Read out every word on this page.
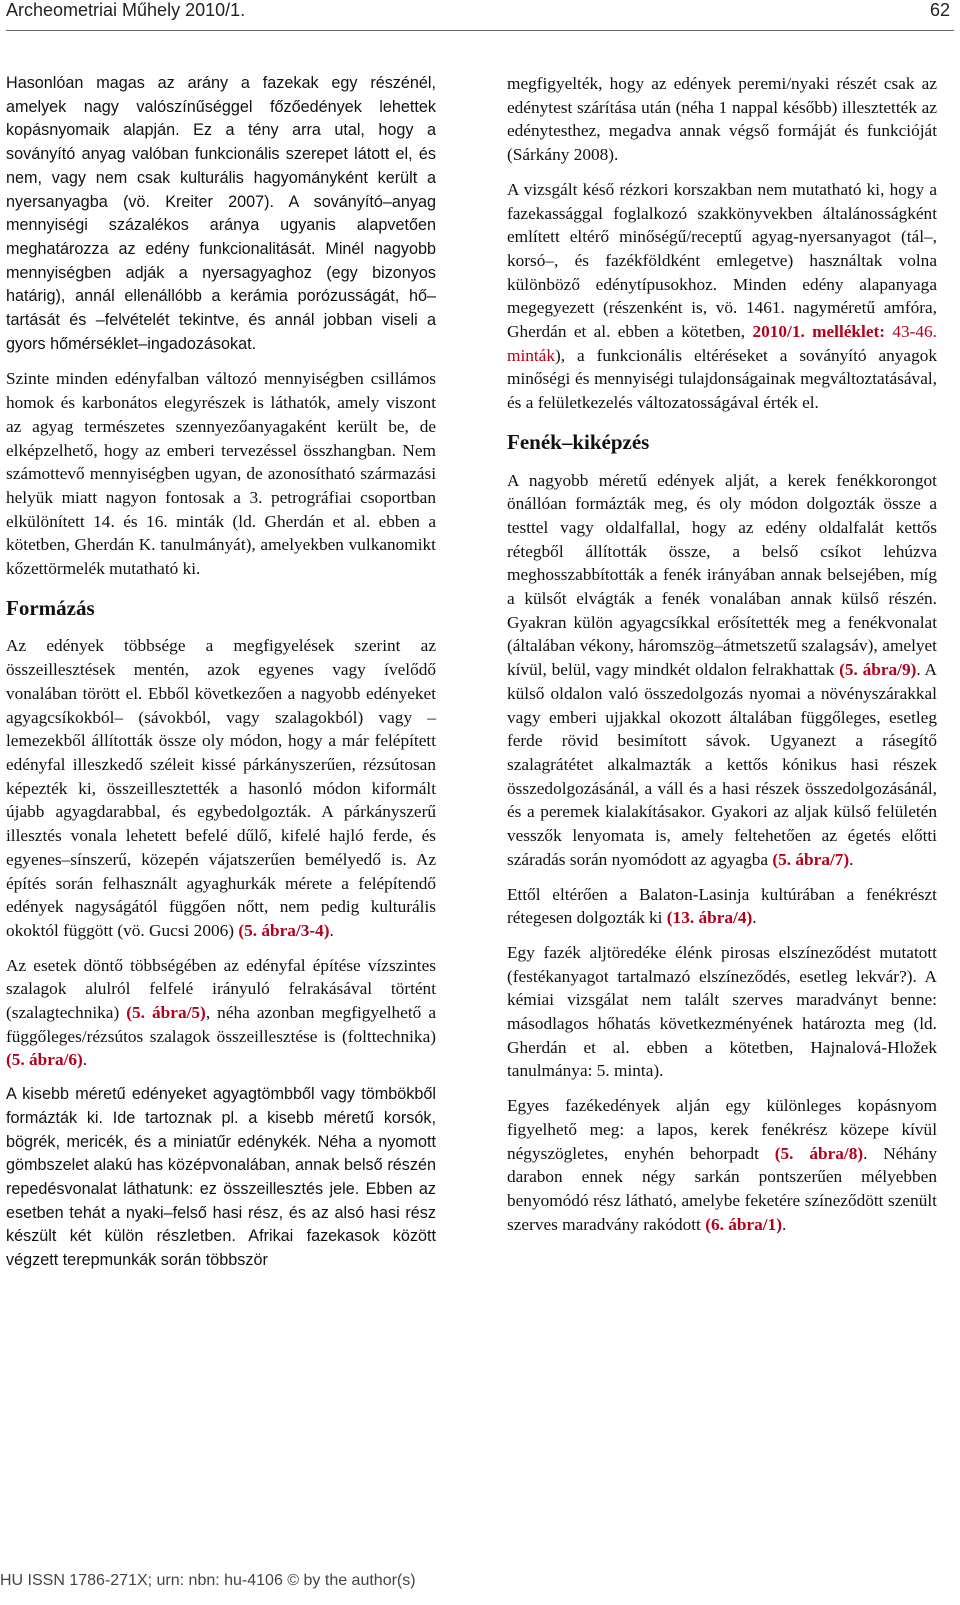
Archeometriai Műhely 2010/1.	62

Hasonlóan magas az arány a fazekak egy részénél, amelyek nagy valószínűséggel főzőedények lehettek kopásnyomaik alapján. Ez a tény arra utal, hogy a soványító anyag valóban funkcionális szerepet látott el, és nem, vagy nem csak kulturális hagyományként került a nyersanyagba (vö. Kreiter 2007). A soványító–anyag mennyiségi százalékos aránya ugyanis alapvetően meghatározza az edény funkcionalitását. Minél nagyobb mennyiségben adják a nyersagyaghoz (egy bizonyos határig), annál ellenállóbb a kerámia porózusságát, hő–tartását és –felvételét tekintve, és annál jobban viseli a gyors hőmérséklet–ingadozásokat.

Szinte minden edényfalban változó mennyiségben csillámos homok és karbonátos elegyrészek is láthatók, amely viszont az agyag természetes szennyezőanyagaként került be, de elképzelhető, hogy az emberi tervezéssel összhangban. Nem számottevő mennyiségben ugyan, de azonosítható származási helyük miatt nagyon fontosak a 3. petrográfiai csoportban elkülönített 14. és 16. minták (ld. Gherdán et al. ebben a kötetben, Gherdán K. tanulmányát), amelyekben vulkanomikt kőzettörmelék mutatható ki.

Formázás

Az edények többsége a megfigyelések szerint az összeillesztések mentén, azok egyenes vagy ívelődő vonalában törött el. Ebből következően a nagyobb edényeket agyagcsíkokból– (sávokból, vagy szalagokból) vagy –lemezekből állították össze oly módon, hogy a már felépített edényfal illeszkedő széleit kissé párkányszerűen, rézsútosan képezték ki, összeillesztették a hasonló módon kiformált újabb agyagdarabbal, és egybedolgozták. A párkányszerű illesztés vonala lehetett befelé dűlő, kifelé hajló ferde, és egyenes–sínszerű, közepén vájatszerűen bemélyedő is. Az építés során felhasznált agyaghurkák mérete a felépítendő edények nagyságától függően nőtt, nem pedig kulturális okoktól függött (vö. Gucsi 2006) (5. ábra/3-4).

Az esetek döntő többségében az edényfal építése vízszintes szalagok alulról felfelé irányuló felrakásával történt (szalagtechnika) (5. ábra/5), néha azonban megfigyelhető a függőleges/rézsútos szalagok összeillesztése is (folttechnika) (5. ábra/6).

A kisebb méretű edényeket agyagtömbből vagy tömbökből formázták ki. Ide tartoznak pl. a kisebb méretű korsók, bögrék, mericék, és a miniatűr edénykék. Néha a nyomott gömbszelet alakú has középvonalában, annak belső részén repedésvonalat láthatunk: ez összeillesztés jele. Ebben az esetben tehát a nyaki–felső hasi rész, és az alsó hasi rész készült két külön részletben. Afrikai fazekasok között végzett terepmunkák során többször

megfigyelték, hogy az edények peremi/nyaki részét csak az edénytest szárítása után (néha 1 nappal később) illesztették az edénytesthez, megadva annak végső formáját és funkcióját (Sárkány 2008).

A vizsgált késő rézkori korszakban nem mutatható ki, hogy a fazekassággal foglalkozó szakkönyvekben általánosságként említett eltérő minőségű/receptű agyag-nyersanyagot (tál–, korsó–, és fazékföldként emlegetve) használtak volna különböző edénytípusokhoz. Minden edény alapanyaga megegyezett (részenként is, vö. 1461. nagyméretű amfóra, Gherdán et al. ebben a kötetben, 2010/1. melléklet: 43-46. minták), a funkcionális eltéréseket a soványító anyagok minőségi és mennyiségi tulajdonságainak megváltoztatásával, és a felületkezelés változatosságával érték el.

Fenék–kiképzés

A nagyobb méretű edények alját, a kerek fenékkorongot önállóan formázták meg, és oly módon dolgozták össze a testtel vagy oldalfallal, hogy az edény oldalfalát kettős rétegből állították össze, a belső csíkot lehúzva meghosszabbították a fenék irányában annak belsejében, míg a külsőt elvágták a fenék vonalában annak külső részén. Gyakran külön agyagcsíkkal erősítették meg a fenékvonalat (általában vékony, háromszög–átmetszetű szalagsáv), amelyet kívül, belül, vagy mindkét oldalon felrakhattak (5. ábra/9). A külső oldalon való összedolgozás nyomai a növényszárakkal vagy emberi ujjakkal okozott általában függőleges, esetleg ferde rövid besimított sávok. Ugyanezt a rásegítő szalagrátétet alkalmazták a kettős kónikus hasi részek összedolgozásánál, a váll és a hasi részek összedolgozásánál, és a peremek kialakításakor. Gyakori az aljak külső felületén vesszők lenyomata is, amely feltehetően az égetés előtti száradás során nyomódott az agyagba (5. ábra/7).

Ettől eltérően a Balaton-Lasinja kultúrában a fenékrészt rétegesen dolgozták ki (13. ábra/4).

Egy fazék aljtöredéke élénk pirosas elszíneződést mutatott (festékanyagot tartalmazó elszíneződés, esetleg lekvár?). A kémiai vizsgálat nem talált szerves maradványt benne: másodlagos hőhatás következményének határozta meg (ld. Gherdán et al. ebben a kötetben, Hajnalová-Hložek tanulmánya: 5. minta).

Egyes fazékedények alján egy különleges kopásnyom figyelhető meg: a lapos, kerek fenékrész közepe kívül négyszögletes, enyhén behorpadt (5. ábra/8). Néhány darabon ennek négy sarkán pontszerűen mélyebben benyomódó rész látható, amelybe feketére színeződött szenült szerves maradvány rakódott (6. ábra/1).

HU ISSN 1786-271X; urn: nbn: hu-4106 © by the author(s)
